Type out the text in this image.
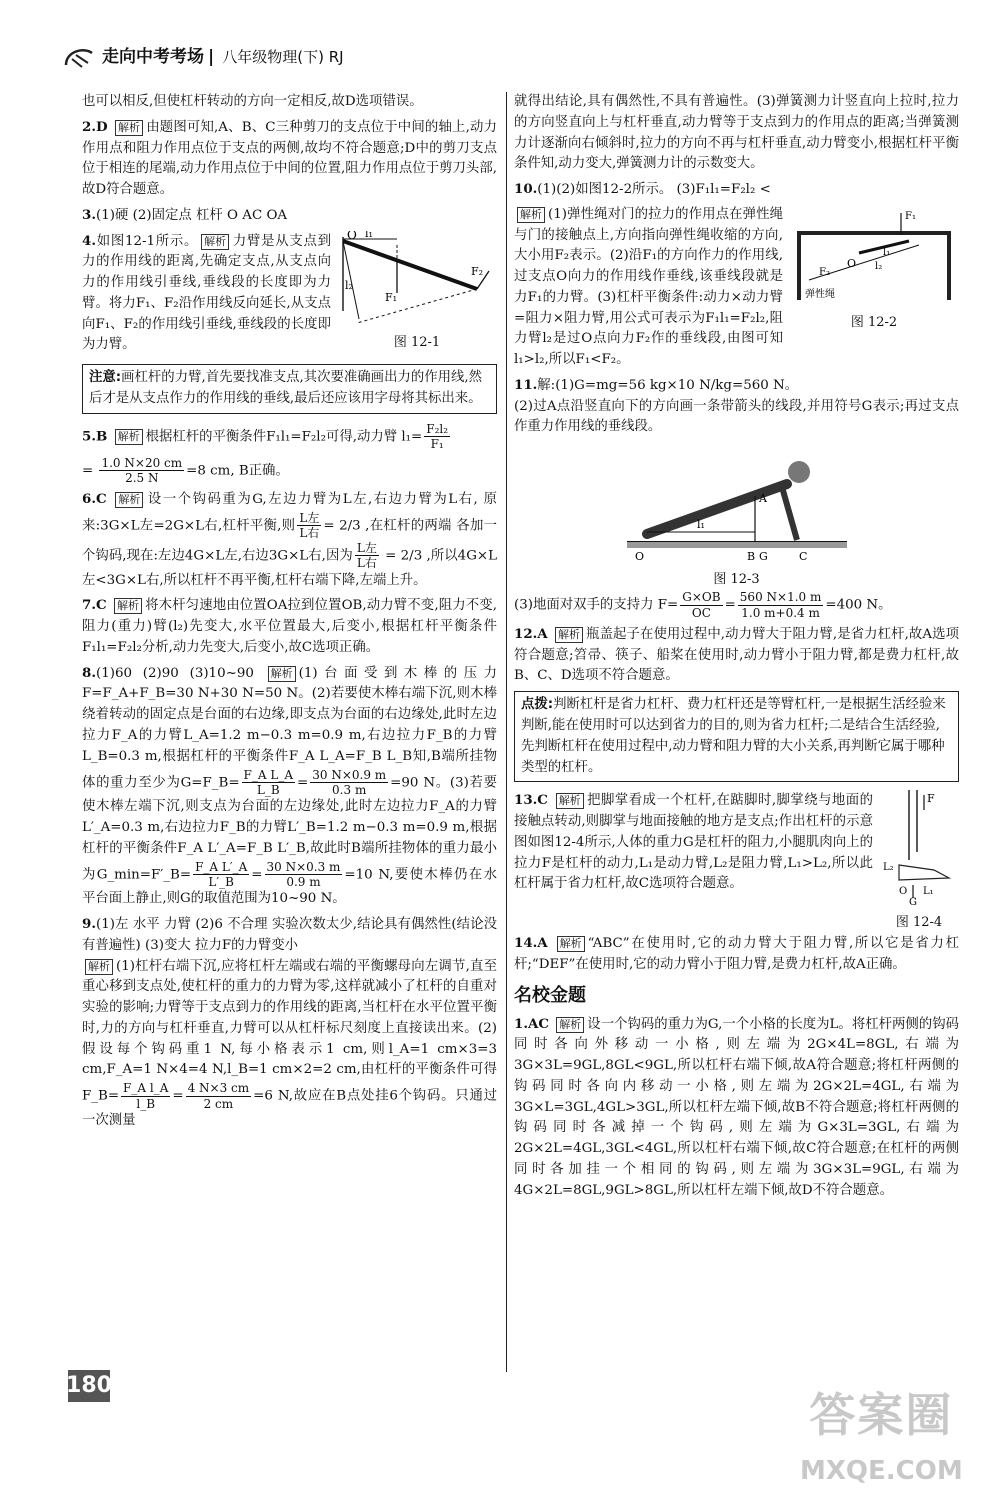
走向中考考场 | 八年级物理(下) RJ

也可以相反,但使杠杆转动的方向一定相反,故D选项错误。

2.D 解析 由题图可知,A、B、C三种剪刀的支点位于中间的轴上,动力作用点和阻力作用点位于支点的两侧,故均不符合题意;D中的剪刀支点位于相连的尾端,动力作用点位于中间的位置,阻力作用点位于剪刀头部,故D符合题意。

3.(1)硬 (2)固定点 杠杆 O AC OA

O l₁
l₂
F₁
F₂
图 12-1

4.如图12-1所示。 解析 力臂是从支点到力的作用线的距离,先确定支点,从支点向力的作用线引垂线,垂线段的长度即为力臂。将力F₁、F₂沿作用线反向延长,从支点向F₁、F₂的作用线引垂线,垂线段的长度即为力臂。

注意:画杠杆的力臂,首先要找准支点,其次要准确画出力的作用线,然后才是从支点作力的作用线的垂线,最后还应该用字母将其标出来。

5.B 解析 根据杠杆的平衡条件F₁l₁=F₂l₂可得,动力臂 $l_1= \frac{\text{F₂l₂}}{\text{F₁}}$

= $\frac{1.0 N\times 20 cm}{2.5 N} =8$ cm, B正确。

6.C 解析 设一个钩码重为G,左边力臂为L左,右边力臂为L右, 原来:3G×L左=2G×L右,杠杆平衡,则 $\frac{\text{L左}}{\text{L右}} = 2/3$ ,在杠杆的两端 各加一个钩码,现在:左边4G×L左,右边3G×L右,因为 $\frac{\text{L左}}{\text{L右}} = 2/3$ ,所以4G×L左<3G×L右,所以杠杆不再平衡,杠杆右端下降,左端上升。

7.C 解析 将木杆匀速地由位置OA拉到位置OB,动力臂不变,阻力不变,阻力(重力)臂(l₂)先变大,水平位置最大,后变小,根据杠杆平衡条件F₁l₁=F₂l₂分析,动力先变大,后变小,故C选项正确。

8.(1)60 (2)90 (3)10~90 解析 (1)台面受到木棒的压力F=F_A+F_B=30 N+30 N=50 N。(2)若要使木棒右端下沉,则木棒绕着转动的固定点是台面的右边缘,即支点为台面的右边缘处,此时左边拉力F_A的力臂L_A=1.2 m−0.3 m=0.9 m,右边拉力F_B的力臂L_B=0.3 m,根据杠杆的平衡条件F_A L_A=F_B L_B知,B端所挂物体的重力至少为G=F_B= $\frac{\text{F\_A L\_A}}{L\_B} = \frac{30 N\times 0.9 m}{0.3 m} =90$ N。(3)若要使木棒左端下沉,则支点为台面的左边缘处,此时左边拉力F_A的力臂L′_A=0.3 m,右边拉力F_B的力臂L′_B=1.2 m−0.3 m=0.9 m,根据杠杆的平衡条件F_A L′_A=F_B L′_B,故此时B端所挂物体的重力最小为G_min=F′_B= $\frac{\text{F\_A L′\_A}}{L'\_B} = \frac{30 N\times 0.3 m}{0.9 m} =10$ N,要使木棒仍在水平台面上静止,则G的取值范围为10~90 N。

9.(1)左 水平 力臂 (2)6 不合理 实验次数太少,结论具有偶然性(结论没有普遍性) (3)变大 拉力F的力臂变小
解析 (1)杠杆右端下沉,应将杠杆左端或右端的平衡螺母向左调节,直至重心移到支点处,使杠杆的重力的力臂为零,这样就减小了杠杆的自重对实验的影响;力臂等于支点到力的作用线的距离,当杠杆在水平位置平衡时,力的方向与杠杆垂直,力臂可以从杠杆标尺刻度上直接读出来。(2)假设每个钩码重1 N,每小格表示1 cm,则l_A=1 cm×3=3 cm,F_A=1 N×4=4 N,l_B=1 cm×2=2 cm,由杠杆的平衡条件可得F_B= $\frac{\text{F\_A l\_A}}{l\_B} = \frac{4 N\times 3 cm}{2 cm} =6$ N,故应在B点处挂6个钩码。只通过一次测量

就得出结论,具有偶然性,不具有普遍性。(3)弹簧测力计竖直向上拉时,拉力的方向竖直向上与杠杆垂直,动力臂等于支点到力的作用点的距离;当弹簧测力计逐渐向右倾斜时,拉力的方向不再与杠杆垂直,动力臂变小,根据杠杆平衡条件知,动力变大,弹簧测力计的示数变大。

10.(1)(2)如图12-2所示。 (3)F₁l₁=F₂l₂ <

O
l₁
l₂
F₁
F₂
弹性绳
图 12-2

解析 (1)弹性绳对门的拉力的作用点在弹性绳与门的接触点上,方向指向弹性绳收缩的方向,大小用F₂表示。(2)沿F₁的方向作力的作用线,过支点O向力的作用线作垂线,该垂线段就是力F₁的力臂。(3)杠杆平衡条件:动力×动力臂=阻力×阻力臂,用公式可表示为F₁l₁=F₂l₂,阻力臂l₂是过O点向力F₂作的垂线段,由图可知l₁>l₂,所以F₁<F₂。

11.解:(1)G=mg=56 kg×10 N/kg=560 N。
(2)过A点沿竖直向下的方向画一条带箭头的线段,并用符号G表示;再过支点作重力作用线的垂线段。

A
O	B G	C
l₁
图 12-3

(3)地面对双手的支持力 $F= \frac{G\times OB}{OC} = \frac{560 N\times 1.0 m}{1.0 m+0.4 m} =400$ N。

12.A 解析 瓶盖起子在使用过程中,动力臂大于阻力臂,是省力杠杆,故A选项符合题意;笤帚、筷子、船桨在使用时,动力臂小于阻力臂,都是费力杠杆,故B、C、D选项不符合题意。

点拨:判断杠杆是省力杠杆、费力杠杆还是等臂杠杆,一是根据生活经验来判断,能在使用时可以达到省力的目的,则为省力杠杆;二是结合生活经验,先判断杠杆在使用过程中,动力臂和阻力臂的大小关系,再判断它属于哪种类型的杠杆。
F
L₂
O L₁
G
图 12-4

13.C 解析 把脚掌看成一个杠杆,在踮脚时,脚掌绕与地面的接触点转动,则脚掌与地面接触的地方是支点;作出杠杆的示意图如图12-4所示,人体的重力G是杠杆的阻力,小腿肌肉向上的拉力F是杠杆的动力,L₁是动力臂,L₂是阻力臂,L₁>L₂,所以此杠杆属于省力杠杆,故C选项符合题意。

14.A 解析 “ABC”在使用时,它的动力臂大于阻力臂,所以它是省力杠杆;“DEF”在使用时,它的动力臂小于阻力臂,是费力杠杆,故A正确。

名校金题

1.AC 解析 设一个钩码的重力为G,一个小格的长度为L。将杠杆两侧的钩码同时各向外移动一小格,则左端为2G×4L=8GL,右端为3G×3L=9GL,8GL<9GL,所以杠杆右端下倾,故A符合题意;将杠杆两侧的钩码同时各向内移动一小格,则左端为2G×2L=4GL,右端为3G×L=3GL,4GL>3GL,所以杠杆左端下倾,故B不符合题意;将杠杆两侧的钩码同时各减掉一个钩码,则左端为G×3L=3GL,右端为2G×2L=4GL,3GL<4GL,所以杠杆右端下倾,故C符合题意;在杠杆的两侧同时各加挂一个相同的钩码,则左端为3G×3L=9GL,右端为4G×2L=8GL,9GL>8GL,所以杠杆左端下倾,故D不符合题意。

180
答案圈
MXQE.COM
